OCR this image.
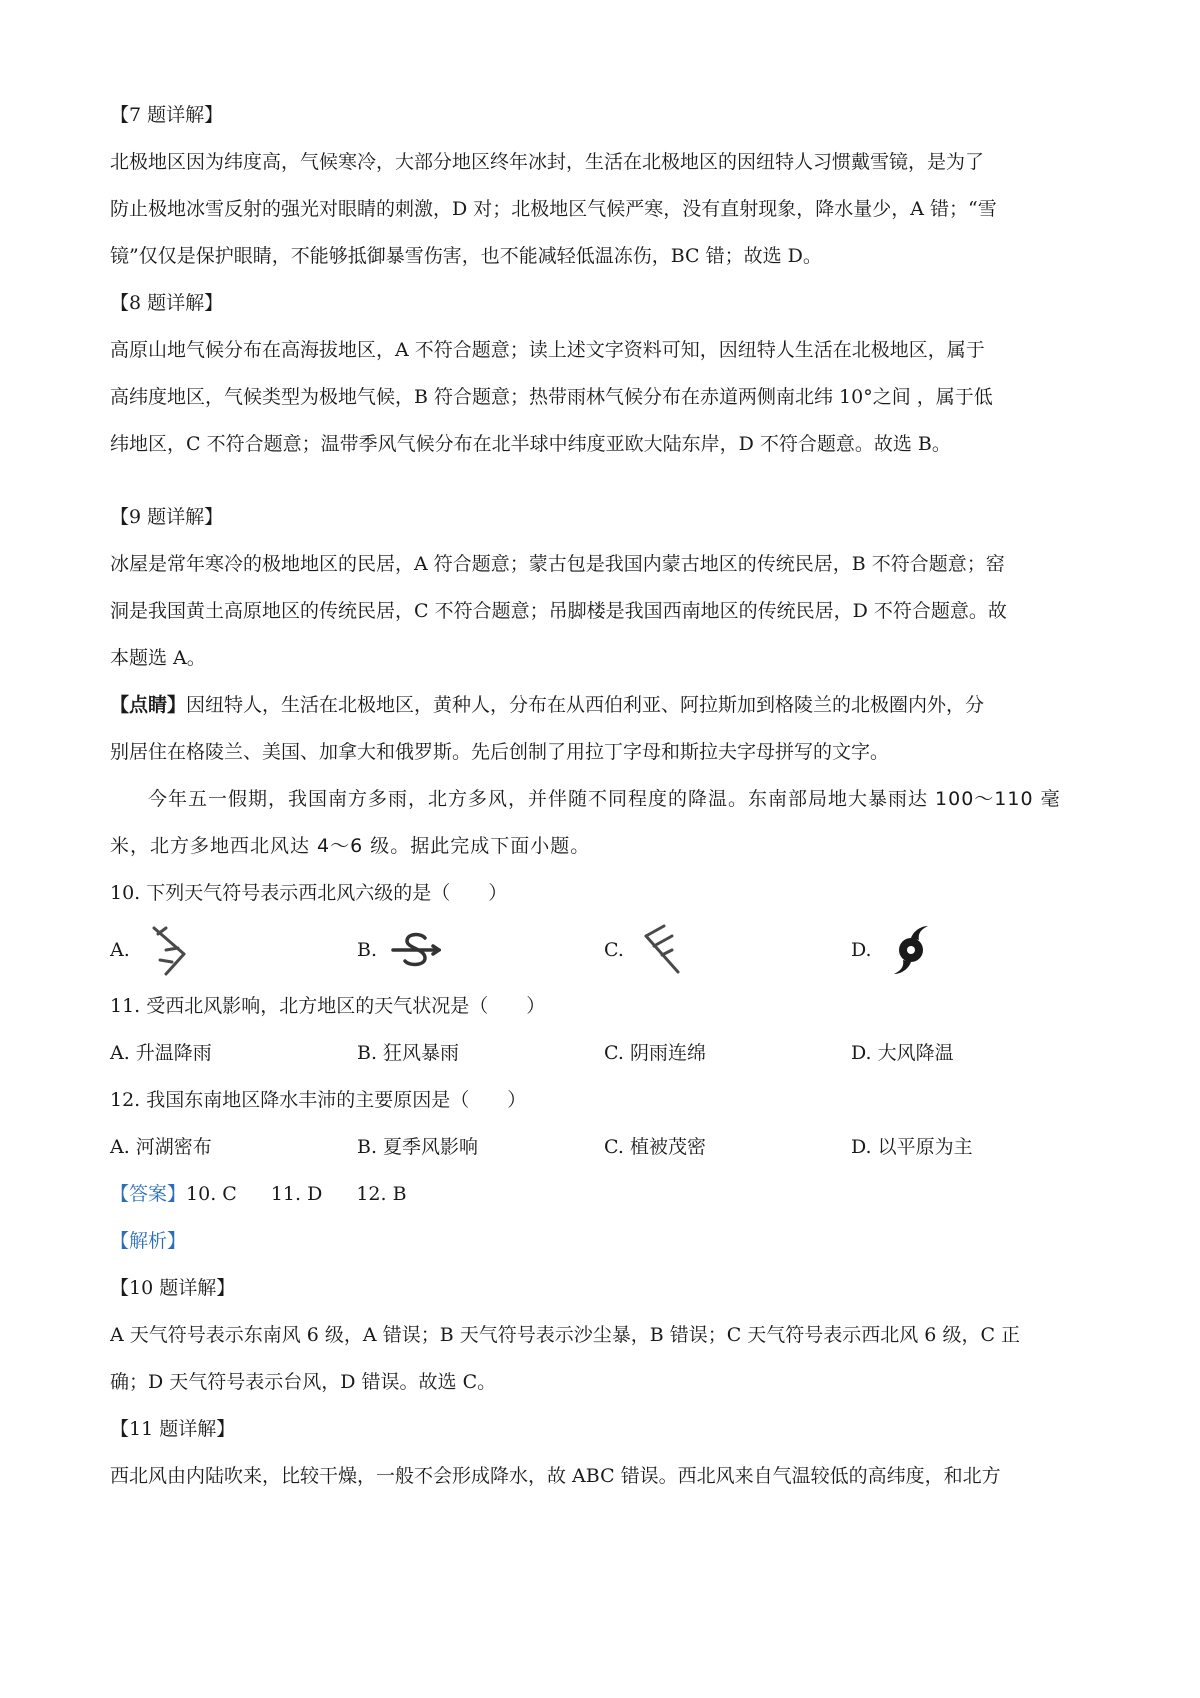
【7 题详解】
北极地区因为纬度高，气候寒冷，大部分地区终年冰封，生活在北极地区的因纽特人习惯戴雪镜，是为了
防止极地冰雪反射的强光对眼睛的刺激，D 对；北极地区气候严寒，没有直射现象，降水量少，A 错；“雪
镜”仅仅是保护眼睛，不能够抵御暴雪伤害，也不能减轻低温冻伤，BC 错；故选 D。
【8 题详解】
高原山地气候分布在高海拔地区，A 不符合题意；读上述文字资料可知，因纽特人生活在北极地区，属于
高纬度地区，气候类型为极地气候，B 符合题意；热带雨林气候分布在赤道两侧南北纬 10°之间 ，属于低
纬地区，C 不符合题意；温带季风气候分布在北半球中纬度亚欧大陆东岸，D 不符合题意。故选 B。
【9 题详解】
冰屋是常年寒冷的极地地区的民居，A 符合题意；蒙古包是我国内蒙古地区的传统民居，B 不符合题意；窑
洞是我国黄土高原地区的传统民居，C 不符合题意；吊脚楼是我国西南地区的传统民居，D 不符合题意。故
本题选 A。
【点睛】因纽特人，生活在北极地区，黄种人，分布在从西伯利亚、阿拉斯加到格陵兰的北极圈内外，分
别居住在格陵兰、美国、加拿大和俄罗斯。先后创制了用拉丁字母和斯拉夫字母拼写的文字。
今年五一假期，我国南方多雨，北方多风，并伴随不同程度的降温。东南部局地大暴雨达 100～110 毫
米，北方多地西北风达 4～6 级。据此完成下面小题。
10. 下列天气符号表示西北风六级的是（　　）
A.	B.	C.	D.
11. 受西北风影响，北方地区的天气状况是（　　）
A. 升温降雨	B. 狂风暴雨	C. 阴雨连绵	D. 大风降温
12. 我国东南地区降水丰沛的主要原因是（　　）
A. 河湖密布	B. 夏季风影响	C. 植被茂密	D. 以平原为主
【答案】10. C 11. D 12. B
【解析】
【10 题详解】
A 天气符号表示东南风 6 级，A 错误；B 天气符号表示沙尘暴，B 错误；C 天气符号表示西北风 6 级，C 正
确；D 天气符号表示台风，D 错误。故选 C。
【11 题详解】
西北风由内陆吹来，比较干燥，一般不会形成降水，故 ABC 错误。西北风来自气温较低的高纬度，和北方
